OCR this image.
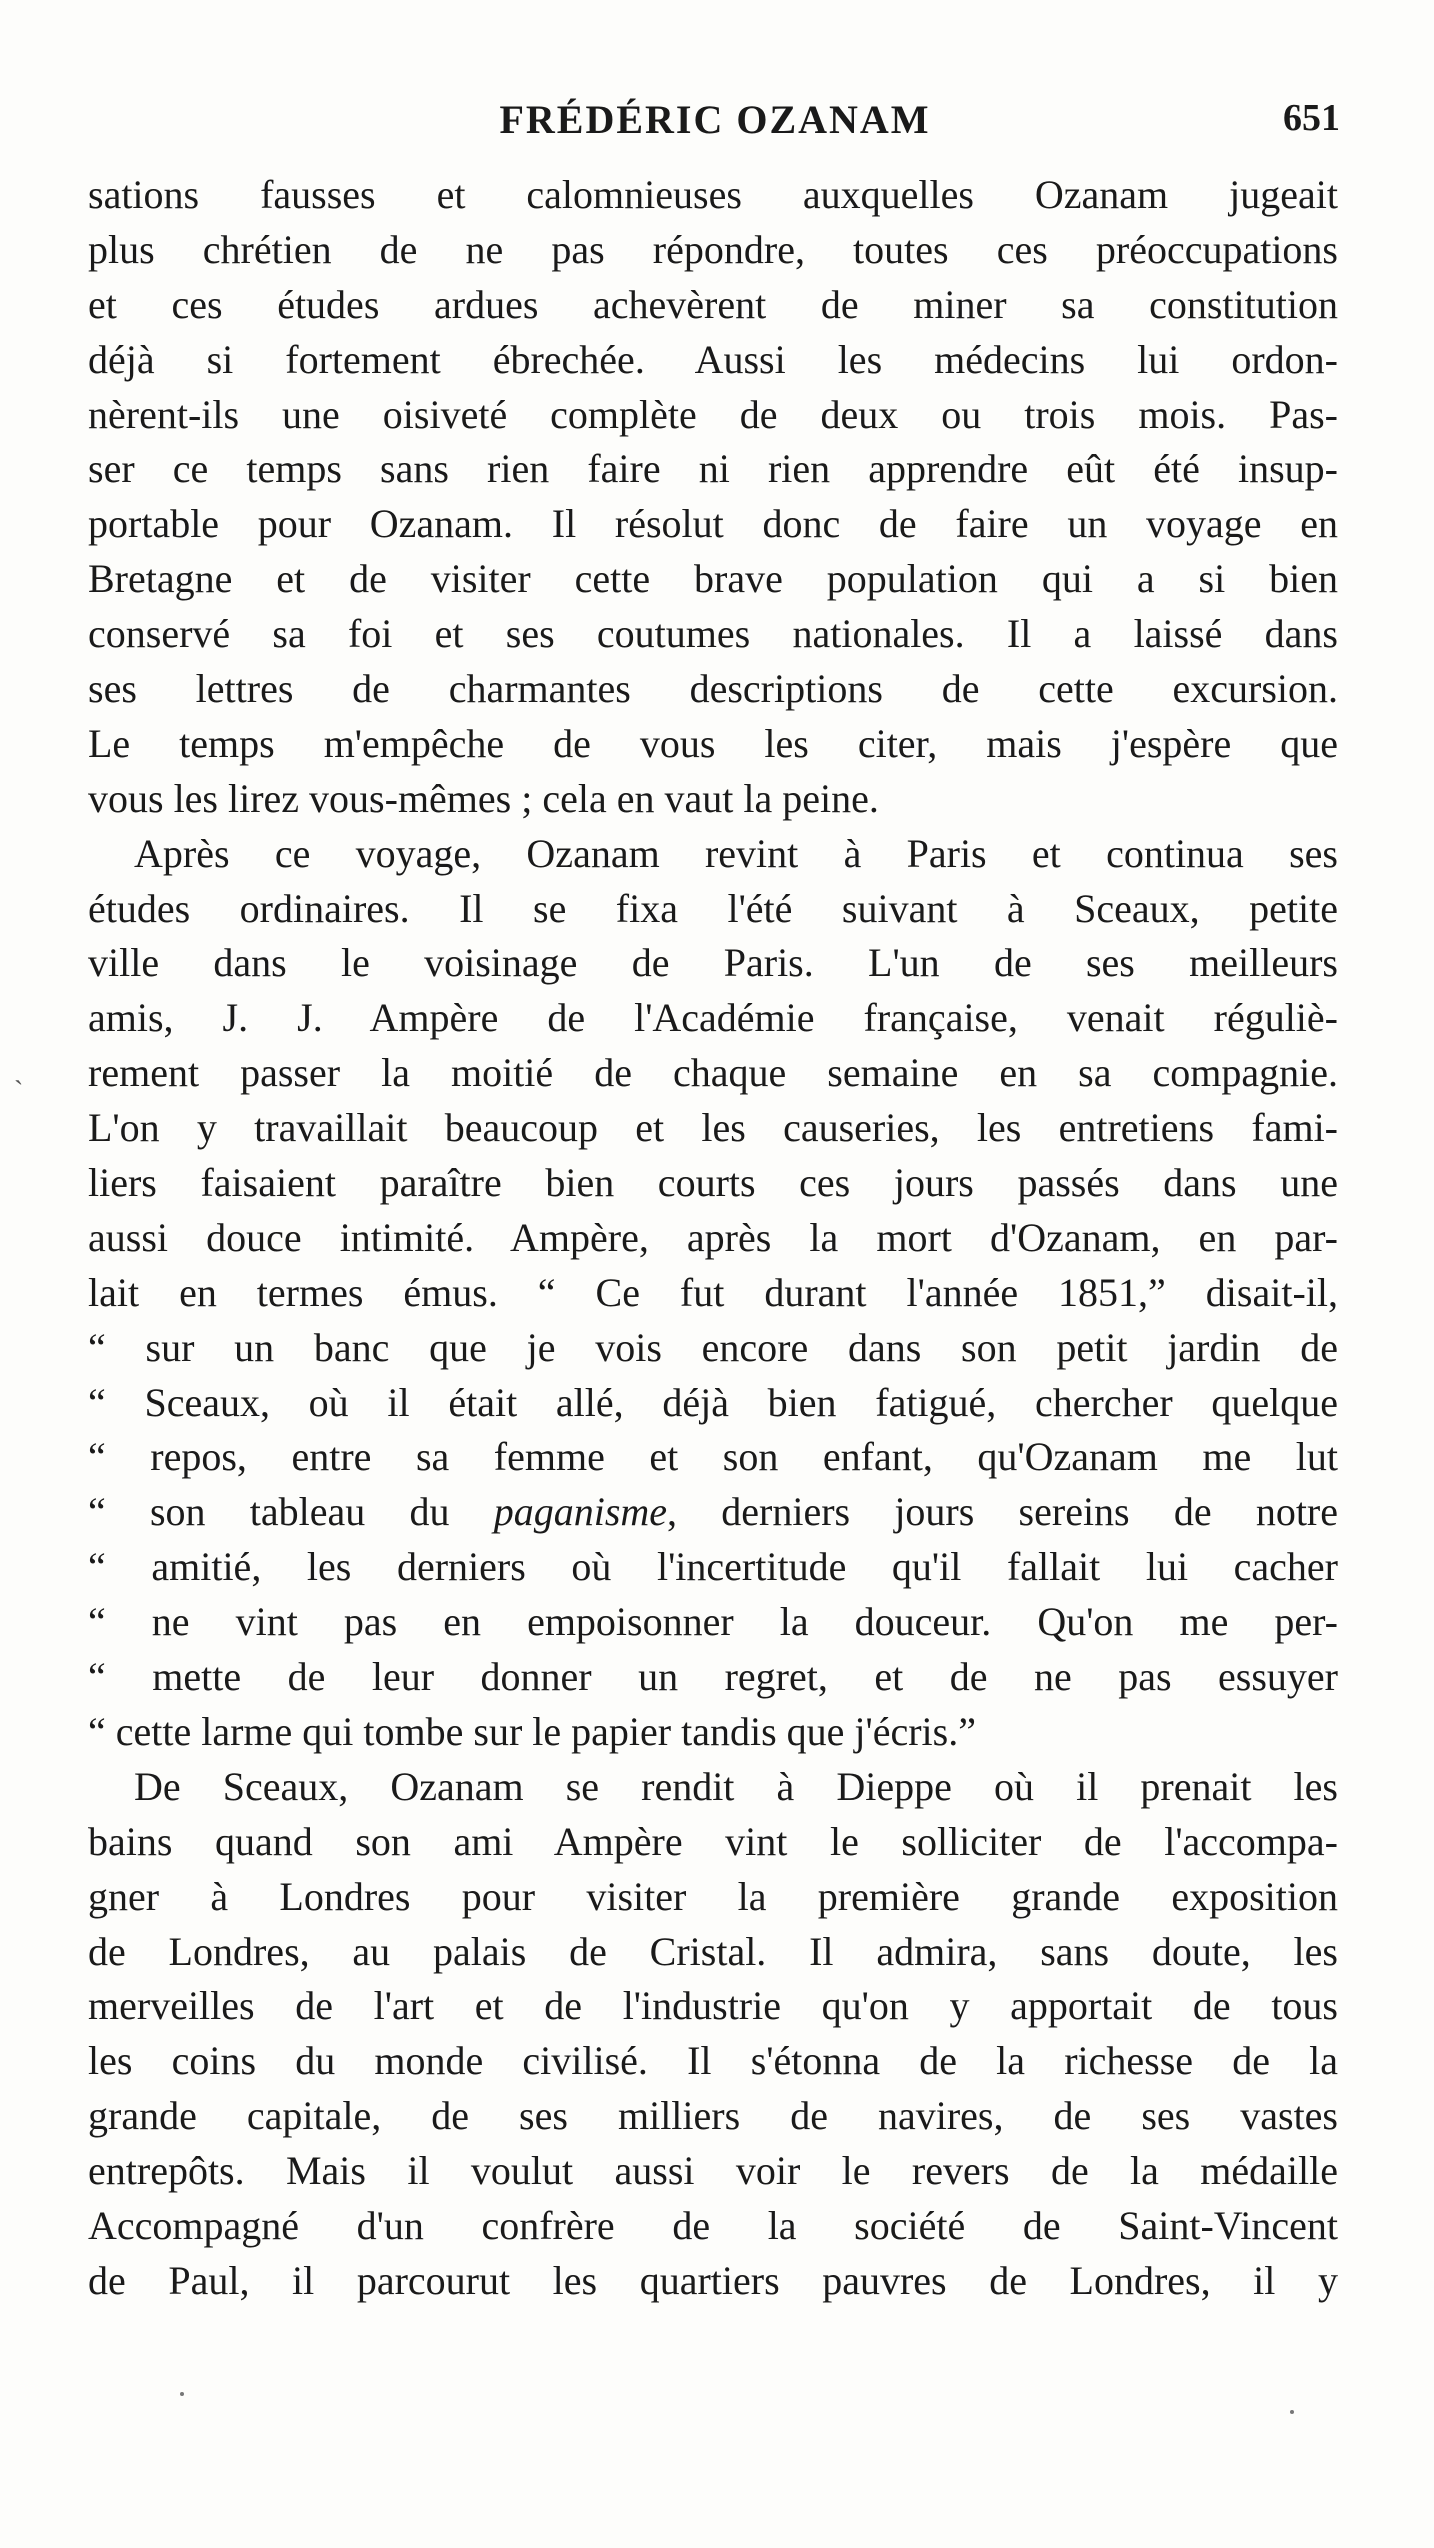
FRÉDÉRIC OZANAM	651
sations fausses et calomnieuses auxquelles Ozanam jugeait
plus chrétien de ne pas répondre, toutes ces préoccupations
et ces études ardues achevèrent de miner sa constitution
déjà si fortement ébrechée. Aussi les médecins lui ordon-
nèrent-ils une oisiveté complète de deux ou trois mois. Pas-
ser ce temps sans rien faire ni rien apprendre eût été insup-
portable pour Ozanam. Il résolut donc de faire un voyage en
Bretagne et de visiter cette brave population qui a si bien
conservé sa foi et ses coutumes nationales. Il a laissé dans
ses lettres de charmantes descriptions de cette excursion.
Le temps m'empêche de vous les citer, mais j'espère que
vous les lirez vous-mêmes ; cela en vaut la peine.
Après ce voyage, Ozanam revint à Paris et continua ses
études ordinaires. Il se fixa l'été suivant à Sceaux, petite
ville dans le voisinage de Paris. L'un de ses meilleurs
amis, J. J. Ampère de l'Académie française, venait réguliè-
rement passer la moitié de chaque semaine en sa compagnie.
L'on y travaillait beaucoup et les causeries, les entretiens fami-
liers faisaient paraître bien courts ces jours passés dans une
aussi douce intimité. Ampère, après la mort d'Ozanam, en par-
lait en termes émus. “ Ce fut durant l'année 1851,” disait-il,
“ sur un banc que je vois encore dans son petit jardin de
“ Sceaux, où il était allé, déjà bien fatigué, chercher quelque
“ repos, entre sa femme et son enfant, qu'Ozanam me lut
“ son tableau du paganisme, derniers jours sereins de notre
“ amitié, les derniers où l'incertitude qu'il fallait lui cacher
“ ne vint pas en empoisonner la douceur. Qu'on me per-
“ mette de leur donner un regret, et de ne pas essuyer
“ cette larme qui tombe sur le papier tandis que j'écris.”
De Sceaux, Ozanam se rendit à Dieppe où il prenait les
bains quand son ami Ampère vint le solliciter de l'accompa-
gner à Londres pour visiter la première grande exposition
de Londres, au palais de Cristal. Il admira, sans doute, les
merveilles de l'art et de l'industrie qu'on y apportait de tous
les coins du monde civilisé. Il s'étonna de la richesse de la
grande capitale, de ses milliers de navires, de ses vastes
entrepôts. Mais il voulut aussi voir le revers de la médaille
Accompagné d'un confrère de la société de Saint-Vincent
de Paul, il parcourut les quartiers pauvres de Londres, il y
ˋ
